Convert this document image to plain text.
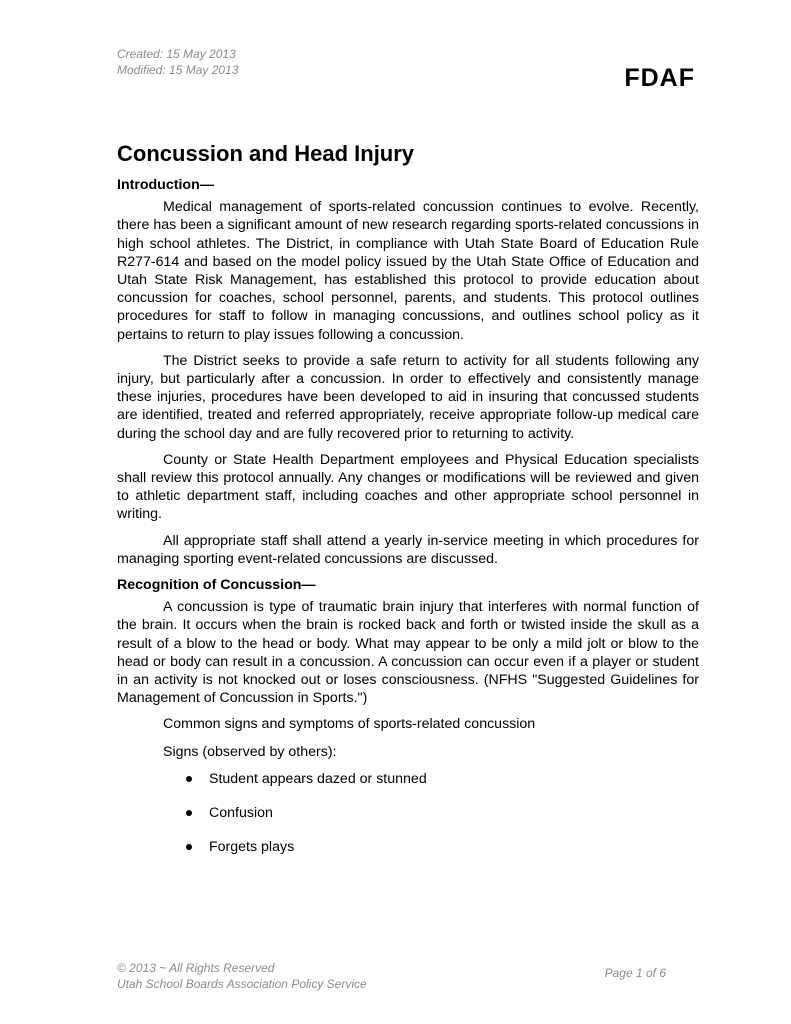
Created: 15 May 2013
Modified: 15 May 2013	FDAF
Concussion and Head Injury
Introduction—

Medical management of sports-related concussion continues to evolve. Recently, there has been a significant amount of new research regarding sports-related concussions in high school athletes. The District, in compliance with Utah State Board of Education Rule R277-614 and based on the model policy issued by the Utah State Office of Education and Utah State Risk Management, has established this protocol to provide education about concussion for coaches, school personnel, parents, and students. This protocol outlines procedures for staff to follow in managing concussions, and outlines school policy as it pertains to return to play issues following a concussion.

The District seeks to provide a safe return to activity for all students following any injury, but particularly after a concussion. In order to effectively and consistently manage these injuries, procedures have been developed to aid in insuring that concussed students are identified, treated and referred appropriately, receive appropriate follow-up medical care during the school day and are fully recovered prior to returning to activity.

County or State Health Department employees and Physical Education specialists shall review this protocol annually. Any changes or modifications will be reviewed and given to athletic department staff, including coaches and other appropriate school personnel in writing.

All appropriate staff shall attend a yearly in-service meeting in which procedures for managing sporting event-related concussions are discussed.

Recognition of Concussion—

A concussion is type of traumatic brain injury that interferes with normal function of the brain. It occurs when the brain is rocked back and forth or twisted inside the skull as a result of a blow to the head or body. What may appear to be only a mild jolt or blow to the head or body can result in a concussion. A concussion can occur even if a player or student in an activity is not knocked out or loses consciousness. (NFHS "Suggested Guidelines for Management of Concussion in Sports.")

Common signs and symptoms of sports-related concussion

Signs (observed by others):

Student appears dazed or stunned
Confusion
Forgets plays
© 2013 ~ All Rights Reserved
Utah School Boards Association Policy Service
Page 1 of 6
